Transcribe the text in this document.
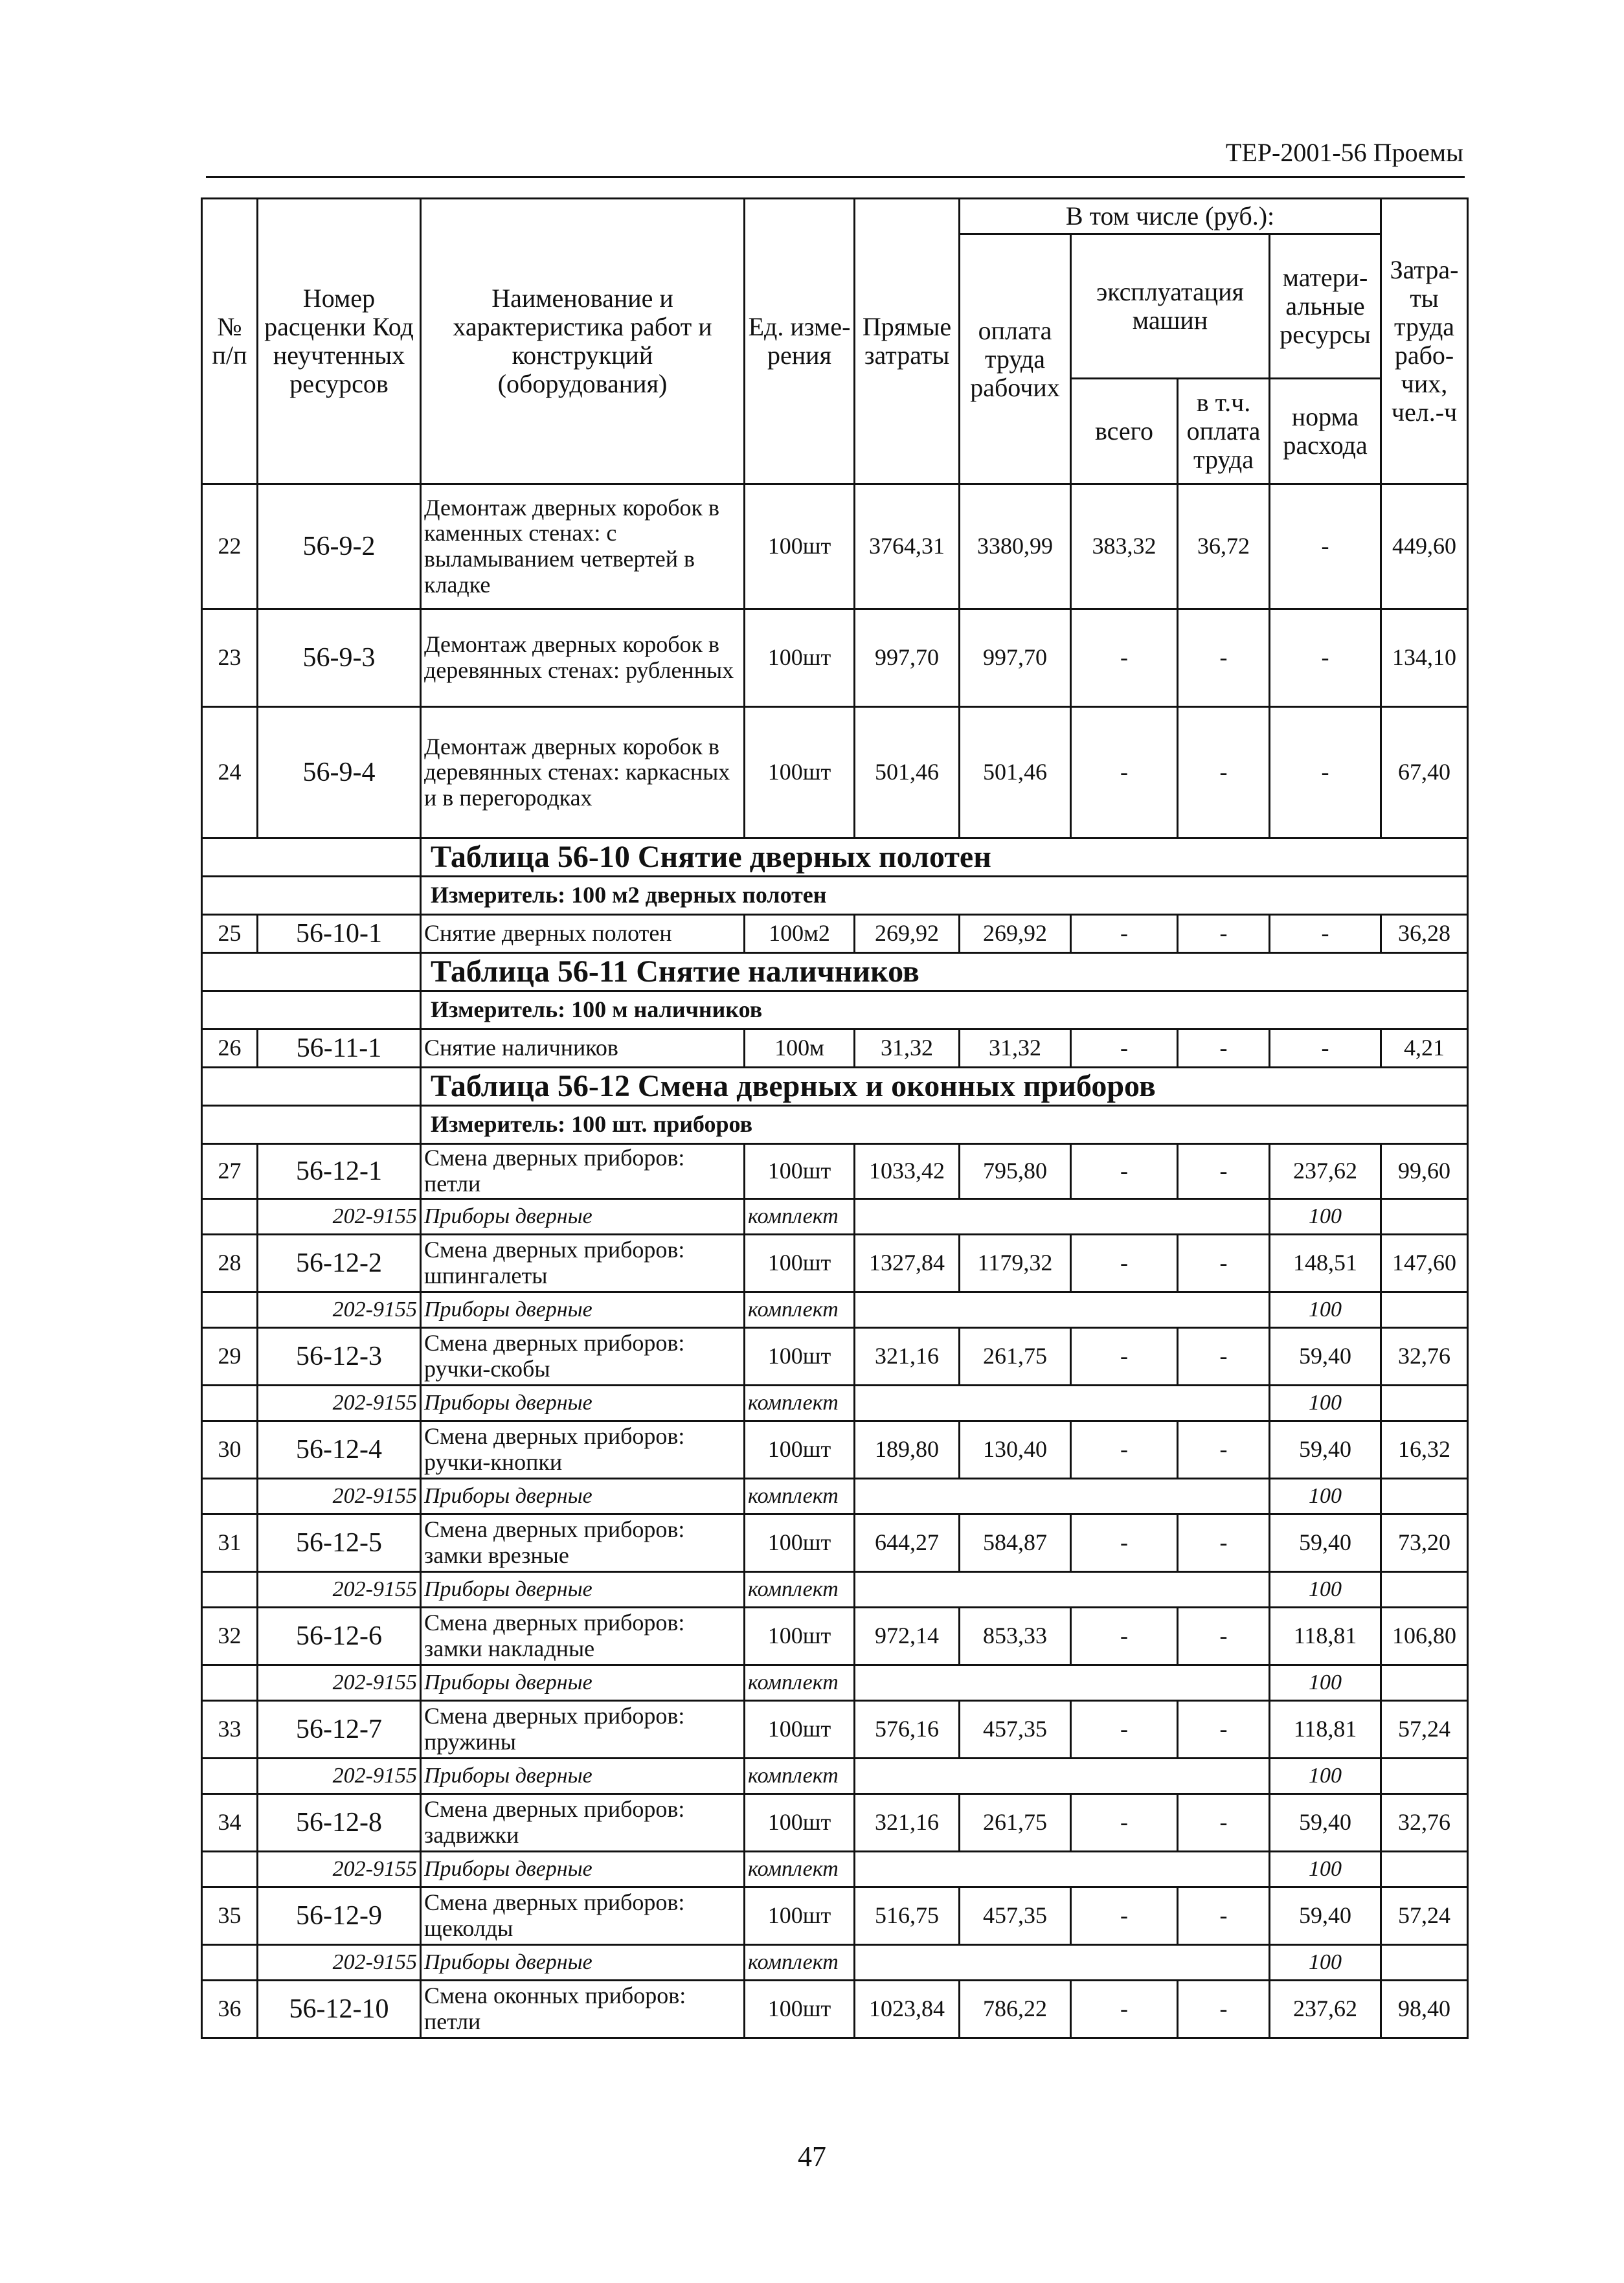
ТЕР-2001-56 Проемы
№ п/п	Номер расценки Код неучтенных ресурсов	Наименование и характеристика работ и конструкций (оборудования)	Ед. изме-рения	Прямые затраты	В том числе (руб.):				Затра-ты труда рабо-чих, чел.-ч
					оплата труда рабочих	эксплуатация машин		матери-альные ресурсы	
						всего	в т.ч. оплата труда	норма расхода	
22	56-9-2	Демонтаж дверных коробок в каменных стенах: с выламыванием четвертей в кладке	100шт	3764,31	3380,99	383,32	36,72	-	449,60
23	56-9-3	Демонтаж дверных коробок в деревянных стенах: рубленных	100шт	997,70	997,70	-	-	-	134,10
24	56-9-4	Демонтаж дверных коробок в деревянных стенах: каркасных и в перегородках	100шт	501,46	501,46	-	-	-	67,40
		Таблица 56-10 Снятие дверных полотен							
		Измеритель: 100 м2 дверных полотен							
25	56-10-1	Снятие дверных полотен	100м2	269,92	269,92	-	-	-	36,28
		Таблица 56-11 Снятие наличников							
		Измеритель: 100 м наличников							
26	56-11-1	Снятие наличников	100м	31,32	31,32	-	-	-	4,21
		Таблица 56-12 Смена дверных и оконных приборов							
		Измеритель: 100 шт. приборов							
27	56-12-1	Смена дверных приборов: петли	100шт	1033,42	795,80	-	-	237,62	99,60
	202-9155	Приборы дверные	комплект					100	
28	56-12-2	Смена дверных приборов: шпингалеты	100шт	1327,84	1179,32	-	-	148,51	147,60
	202-9155	Приборы дверные	комплект					100	
29	56-12-3	Смена дверных приборов: ручки-скобы	100шт	321,16	261,75	-	-	59,40	32,76
	202-9155	Приборы дверные	комплект					100	
30	56-12-4	Смена дверных приборов: ручки-кнопки	100шт	189,80	130,40	-	-	59,40	16,32
	202-9155	Приборы дверные	комплект					100	
31	56-12-5	Смена дверных приборов: замки врезные	100шт	644,27	584,87	-	-	59,40	73,20
	202-9155	Приборы дверные	комплект					100	
32	56-12-6	Смена дверных приборов: замки накладные	100шт	972,14	853,33	-	-	118,81	106,80
	202-9155	Приборы дверные	комплект					100	
33	56-12-7	Смена дверных приборов: пружины	100шт	576,16	457,35	-	-	118,81	57,24
	202-9155	Приборы дверные	комплект					100	
34	56-12-8	Смена дверных приборов: задвижки	100шт	321,16	261,75	-	-	59,40	32,76
	202-9155	Приборы дверные	комплект					100	
35	56-12-9	Смена дверных приборов: щеколды	100шт	516,75	457,35	-	-	59,40	57,24
	202-9155	Приборы дверные	комплект					100	
36	56-12-10	Смена оконных приборов: петли	100шт	1023,84	786,22	-	-	237,62	98,40
47
